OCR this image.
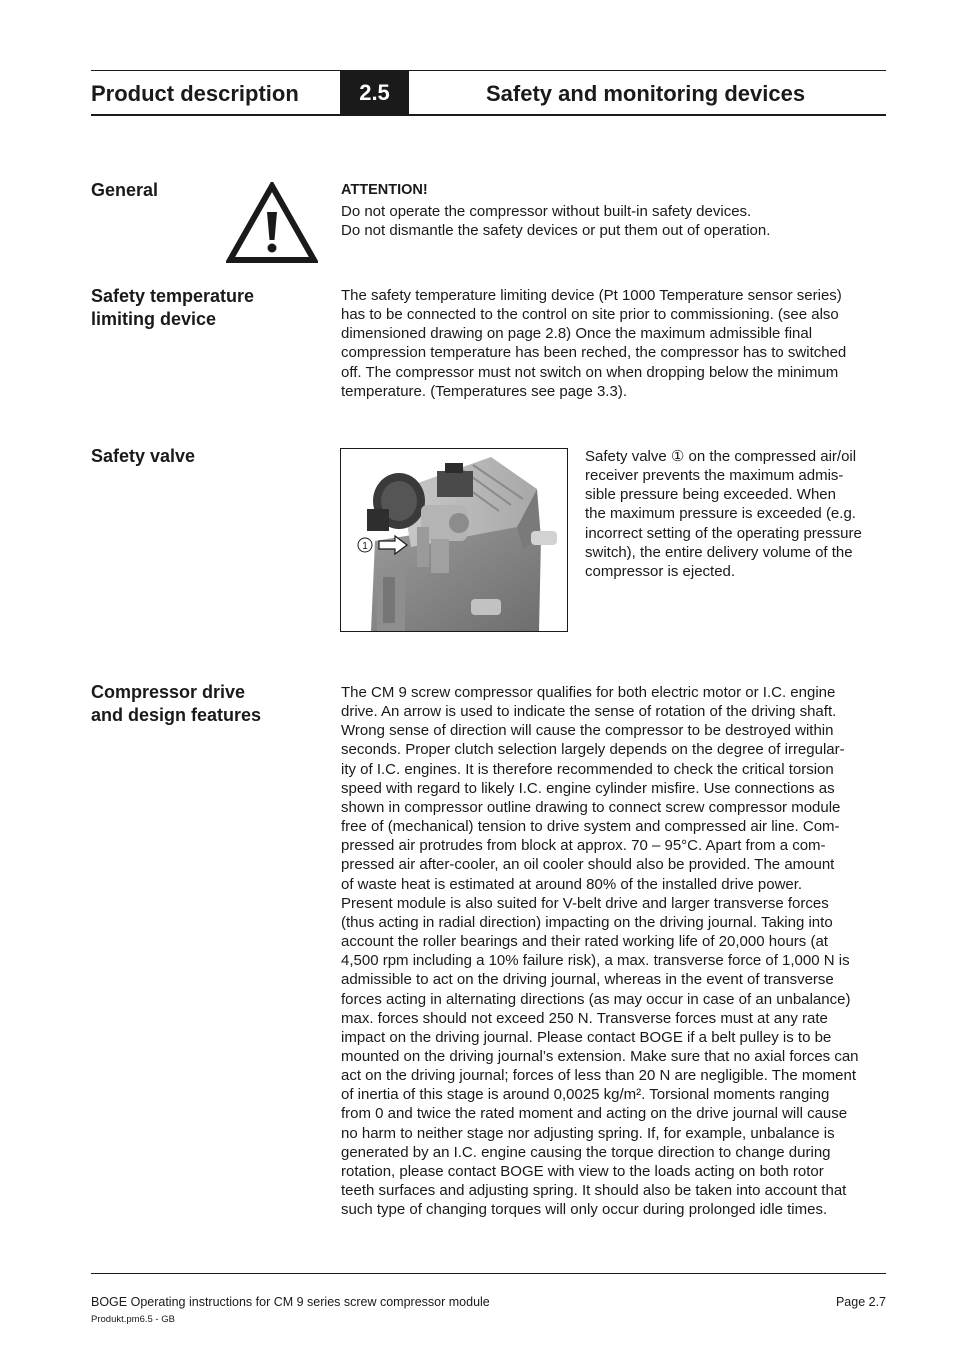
Product description	2.5	Safety and monitoring devices
General	ATTENTION!
Do not operate the compressor without built-in safety devices.
Do not dismantle the safety devices or put them out of operation.
Safety temperature
limiting device
The safety temperature limiting device (Pt 1000 Temperature sensor series)
has to be connected to the control on site prior to commissioning. (see also
dimensioned drawing on page 2.8) Once the maximum admissible final
compression temperature has been reched, the compressor has to switched
off. The compressor must not switch on when dropping below the minimum
temperature. (Temperatures see page 3.3).
Safety valve
1
Safety valve ① on the compressed air/oil
receiver prevents the maximum admis-
sible pressure being exceeded. When
the maximum pressure is exceeded (e.g.
incorrect setting of the operating pressure
switch), the entire delivery volume of the
compressor is ejected.
Compressor drive
and design features
The CM 9 screw compressor qualifies for both electric motor or I.C. engine
drive. An arrow is used to indicate the sense of rotation of the driving shaft.
Wrong sense of direction will cause the compressor to be destroyed within
seconds. Proper clutch selection largely depends on the degree of irregular-
ity of I.C. engines. It is therefore recommended to check the critical torsion
speed with regard to likely I.C. engine cylinder misfire. Use connections as
shown in compressor outline drawing to connect screw compressor module
free of (mechanical) tension to drive system and compressed air line. Com-
pressed air protrudes from block at approx. 70 – 95°C. Apart from a com-
pressed air after-cooler, an oil cooler should also be provided. The amount
of waste heat is estimated at around 80% of the installed drive power.
Present module is also suited for V-belt drive and larger transverse forces
(thus acting in radial direction) impacting on the driving journal. Taking into
account the roller bearings and their rated working life of 20,000 hours (at
4,500 rpm including a 10% failure risk), a max. transverse force of 1,000 N is
admissible to act on the driving journal, whereas in the event of transverse
forces acting in alternating directions (as may occur in case of an unbalance)
max. forces should not exceed 250 N. Transverse forces must at any rate
impact on the driving journal. Please contact BOGE if a belt pulley is to be
mounted on the driving journal’s extension. Make sure that no axial forces can
act on the driving journal; forces of less than 20 N are negligible. The moment
of inertia of this stage is around 0,0025 kg/m². Torsional moments ranging
from 0 and twice the rated moment and acting on the drive journal will cause
no harm to neither stage nor adjusting spring. If, for example, unbalance is
generated by an I.C. engine causing the torque direction to change during
rotation, please contact BOGE with view to the loads acting on both rotor
teeth surfaces and adjusting spring. It should also be taken into account that
such type of changing torques will only occur during prolonged idle times.
BOGE Operating instructions for CM 9 series screw compressor module
Produkt.pm6.5 - GB
Page 2.7
